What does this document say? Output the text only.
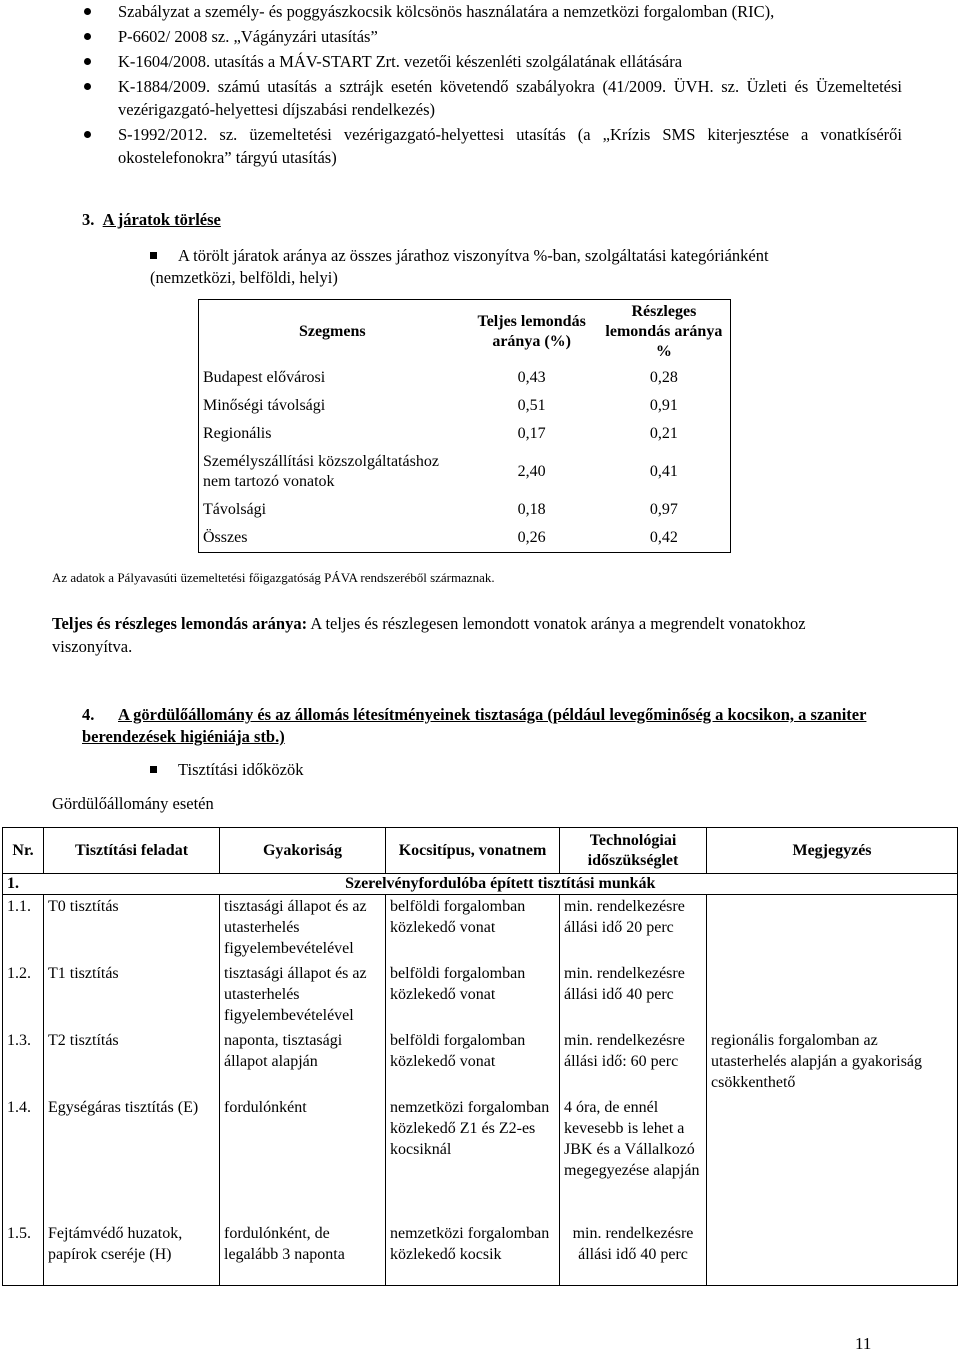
Szabályzat a személy- és poggyászkocsik kölcsönös használatára a nemzetközi forgalomban (RIC),
P-6602/ 2008 sz. „Vágányzári utasítás”
K-1604/2008. utasítás a MÁV-START Zrt. vezetői készenléti szolgálatának ellátására
K-1884/2009. számú utasítás a sztrájk esetén követendő szabályokra (41/2009. ÜVH. sz. Üzleti és Üzemeltetési vezérigazgató-helyettesi díjszabási rendelkezés)
S-1992/2012. sz. üzemeltetési vezérigazgató-helyettesi utasítás (a „Krízis SMS kiterjesztése a vonatkísérői okostelefonokra” tárgyú utasítás)
3. A járatok törlése
A törölt járatok aránya az összes járathoz viszonyítva %-ban, szolgáltatási kategóriánként (nemzetközi, belföldi, helyi)
Szegmens	Teljes lemondás aránya (%)	Részleges lemondás aránya %
Budapest elővárosi	0,43	0,28
Minőségi távolsági	0,51	0,91
Regionális	0,17	0,21
Személyszállítási közszolgáltatáshoz nem tartozó vonatok	2,40	0,41
Távolsági	0,18	0,97
Összes	0,26	0,42
Az adatok a Pályavasúti üzemeltetési főigazgatóság PÁVA rendszeréből származnak.
Teljes és részleges lemondás aránya: A teljes és részlegesen lemondott vonatok aránya a megrendelt vonatokhoz viszonyítva.
4. A gördülőállomány és az állomás létesítményeinek tisztasága (például levegőminőség a kocsikon, a szaniter berendezések higiéniája stb.)
Tisztítási időközök
Gördülőállomány esetén
Nr.	Tisztítási feladat	Gyakoriság	Kocsitípus, vonatnem	Technológiai időszükséglet	Megjegyzés
1.	Szerelvényfordulóba épített tisztítási munkák				
1.1.	T0 tisztítás	tisztasági állapot és az utasterhelés figyelembevételével	belföldi forgalomban közlekedő vonat	min. rendelkezésre állási idő 20 perc	
1.2.	T1 tisztítás	tisztasági állapot és az utasterhelés figyelembevételével	belföldi forgalomban közlekedő vonat	min. rendelkezésre állási idő 40 perc	
1.3.	T2 tisztítás	naponta, tisztasági állapot alapján	belföldi forgalomban közlekedő vonat	min. rendelkezésre állási idő: 60 perc	regionális forgalomban az utasterhelés alapján a gyakoriság csökkenthető
1.4.	Egységáras tisztítás (E)	fordulónként	nemzetközi forgalomban közlekedő Z1 és Z2-es kocsiknál	4 óra, de ennél kevesebb is lehet a JBK és a Vállalkozó megegyezése alapján	
1.5.	Fejtámvédő huzatok, papírok cseréje (H)	fordulónként, de legalább 3 naponta	nemzetközi forgalomban közlekedő kocsik	min. rendelkezésre állási idő 40 perc	
11
